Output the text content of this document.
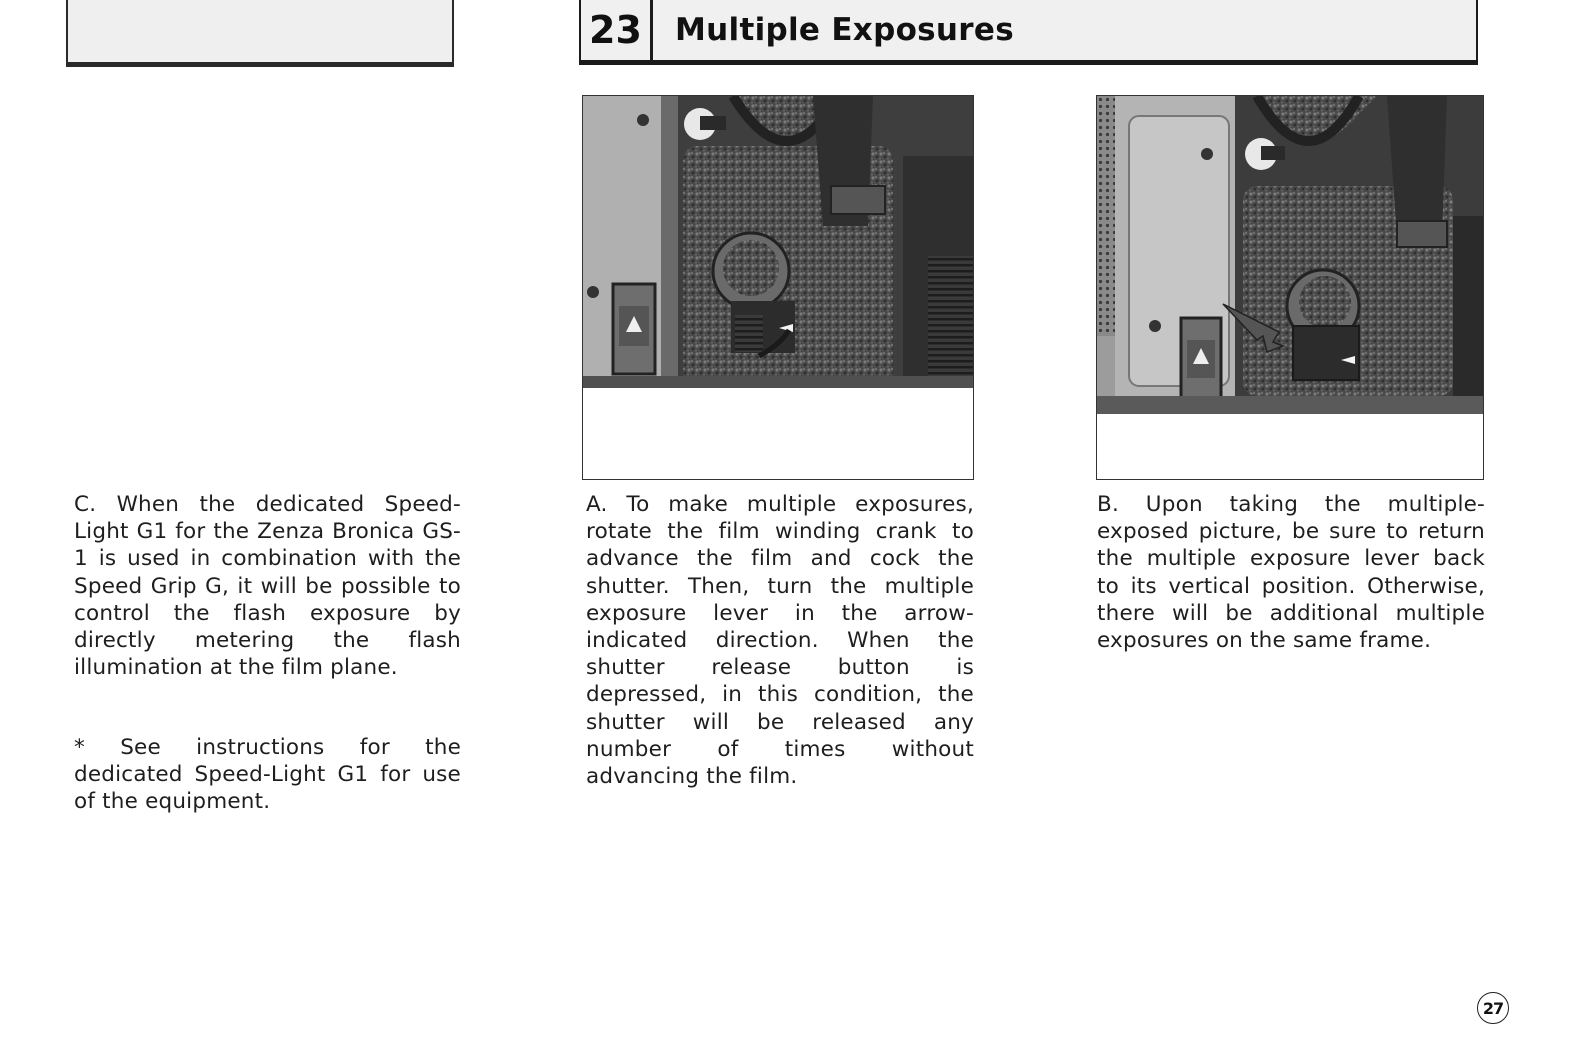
23	Multiple Exposures

C. When the dedicated Speed-Light G1 for the Zenza Bronica GS-1 is used in combination with the Speed Grip G, it will be possible to control the flash exposure by directly metering the flash illumination at the film plane.

* See instructions for the dedicated Speed-Light G1 for use of the equipment.

A. To make multiple exposures, rotate the film winding crank to advance the film and cock the shutter. Then, turn the multiple exposure lever in the arrow-indicated direction. When the shutter release button is depressed, in this condition, the shutter will be released any number of times without advancing the film.

B. Upon taking the multiple-exposed picture, be sure to return the multiple exposure lever back to its vertical position. Otherwise, there will be additional multiple exposures on the same frame.

27
